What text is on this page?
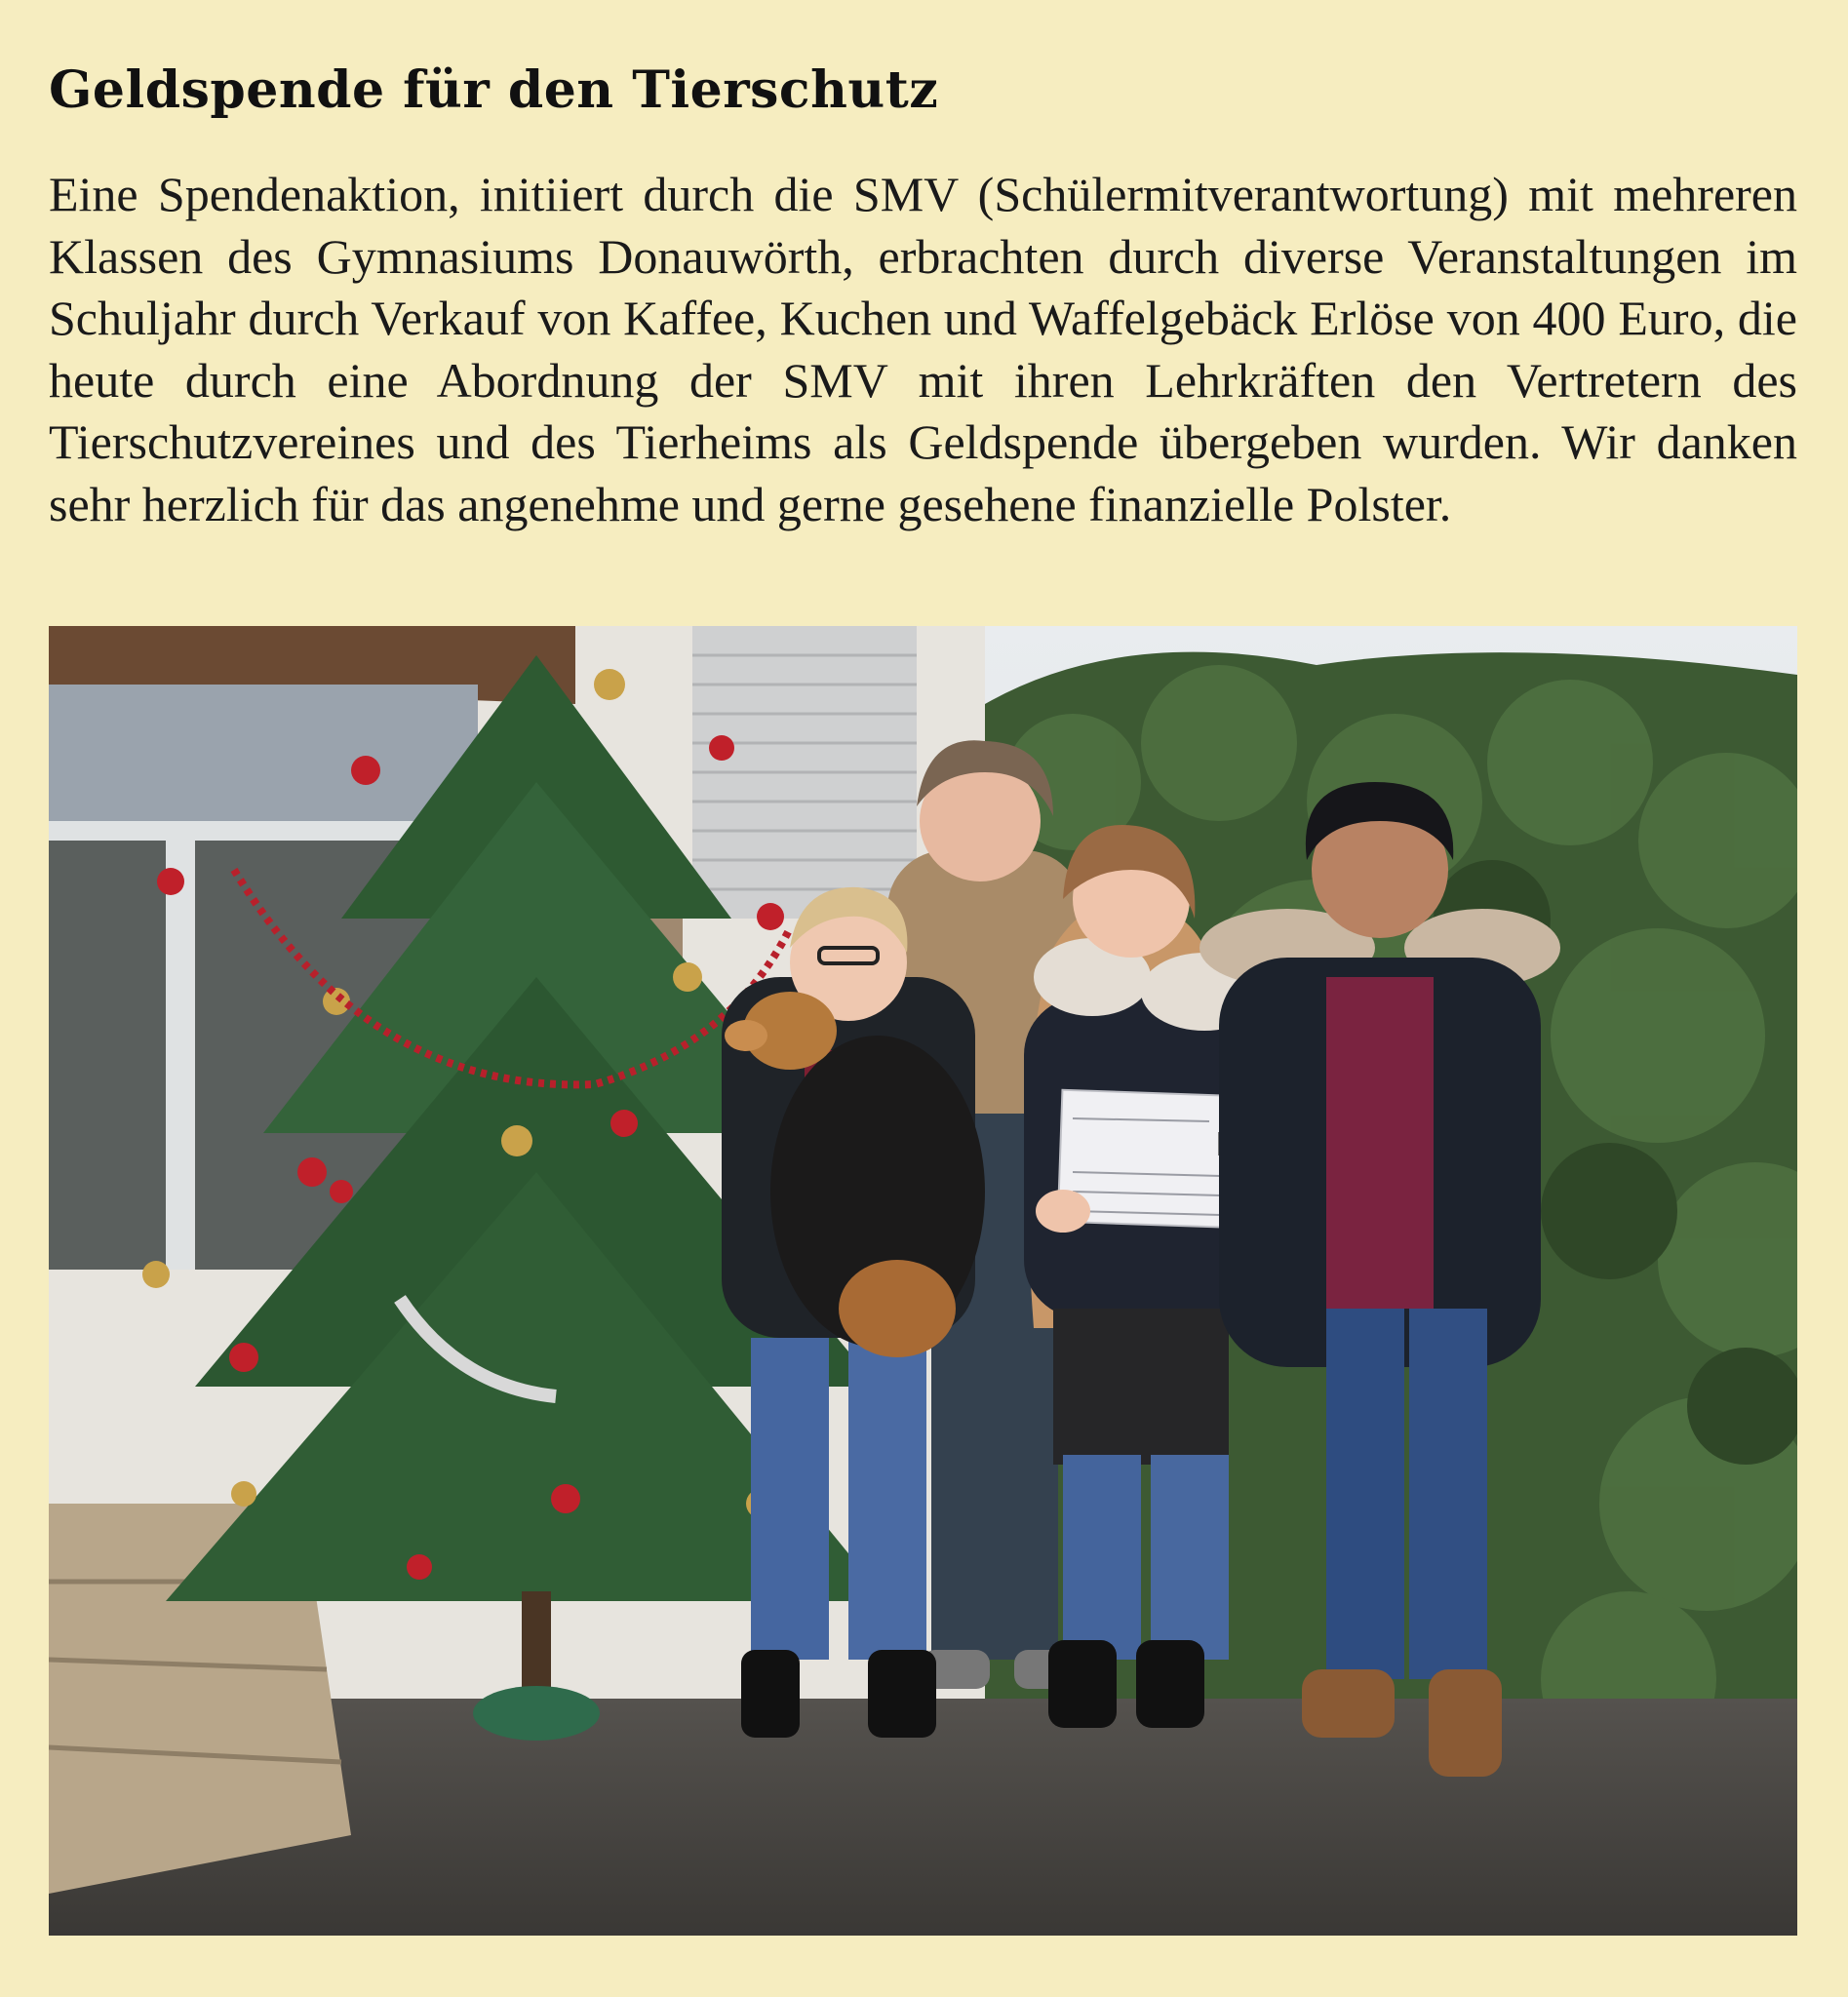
Geldspende für den Tierschutz

Eine Spendenaktion, initiiert durch die SMV (Schülermitverantwortung) mit mehreren Klassen des Gymnasiums Donauwörth, erbrachten durch diverse Veranstaltungen im Schuljahr durch Verkauf von Kaffee, Kuchen und Waffelgebäck Erlöse von 400 Euro, die heute durch eine Abordnung der SMV mit ihren Lehrkräften den Vertretern des Tierschutzvereines und des Tierheims als Geldspende übergeben wurden. Wir danken sehr herzlich für das angenehme und gerne gesehene finanzielle Polster.
